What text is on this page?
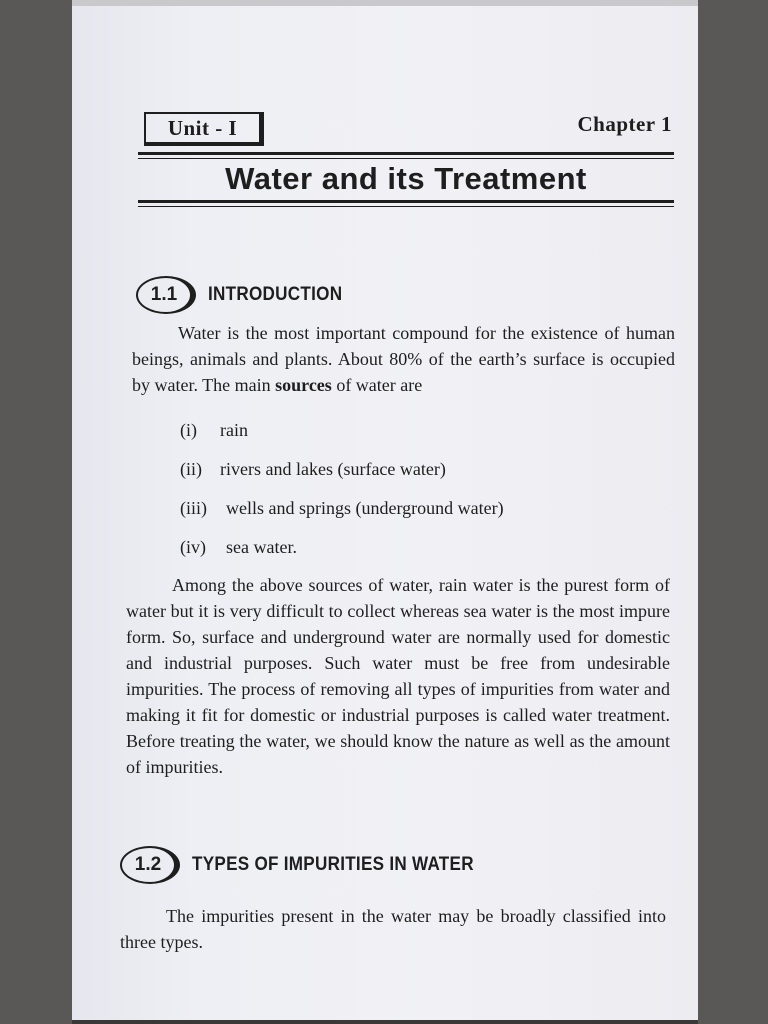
Unit - I	Chapter 1
Water and its Treatment
1.1	INTRODUCTION
Water is the most important compound for the existence of human beings, animals and plants. About 80% of the earth’s surface is occupied by water. The main sources of water are
(i)	rain
(ii)	rivers and lakes (surface water)
(iii)	wells and springs (underground water)
(iv)	sea water.
Among the above sources of water, rain water is the purest form of water but it is very difficult to collect whereas sea water is the most impure form. So, surface and underground water are normally used for domestic and industrial purposes. Such water must be free from undesirable impurities. The process of removing all types of impurities from water and making it fit for domestic or industrial purposes is called water treatment. Before treating the water, we should know the nature as well as the amount of impurities.
1.2	TYPES OF IMPURITIES IN WATER
The impurities present in the water may be broadly classified into three types.
